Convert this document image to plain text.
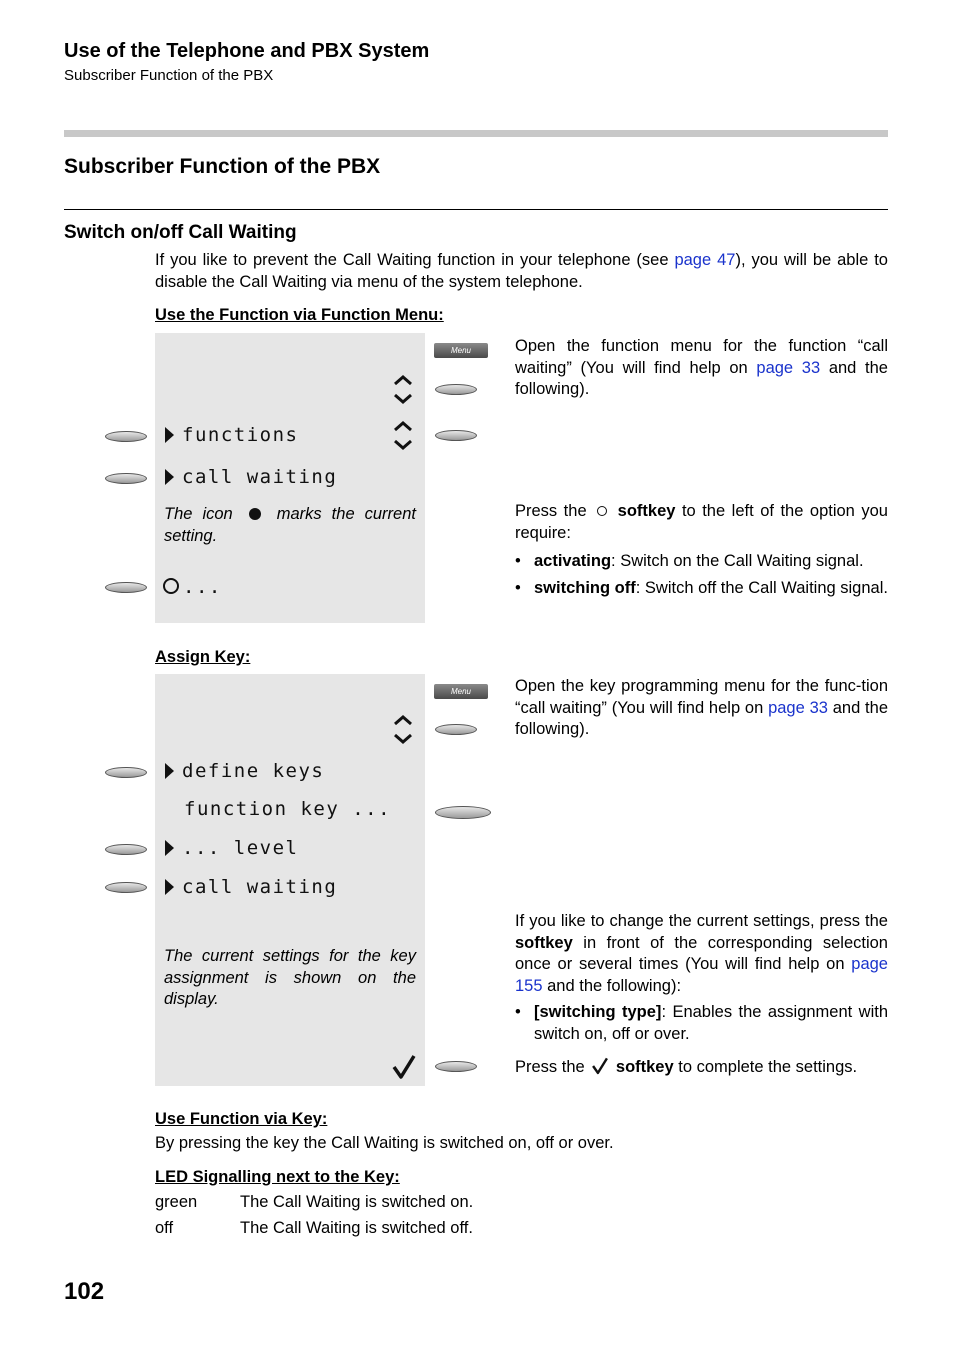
Use of the Telephone and PBX System
Subscriber Function of the PBX
Subscriber Function of the PBX
Switch on/off Call Waiting
If you like to prevent the Call Waiting function in your telephone (see page 47), you will be able to disable the Call Waiting via menu of the system telephone.
Use the Function via Function Menu:
Menu
functions
call waiting
The icon	marks the current setting.
...
Open the function menu for the function “call waiting” (You will find help on page 33 and the following).
Press the softkey to the left of the option you require:
• activating: Switch on the Call Waiting signal.
• switching off: Switch off the Call Waiting signal.
Assign Key:
Menu
define keys
function key ...
... level
call waiting
The current settings for the key assignment is shown on the display.
Open the key programming menu for the func-tion “call waiting” (You will find help on page 33 and the following).
If you like to change the current settings, press the softkey in front of the corresponding selection once or several times (You will find help on page 155 and the following):
• [switching type]: Enables the assignment with switch on, off or over.
Press the softkey to complete the settings.
Use Function via Key:
By pressing the key the Call Waiting is switched on, off or over.
LED Signalling next to the Key:
green	The Call Waiting is switched on.
off	The Call Waiting is switched off.
102
